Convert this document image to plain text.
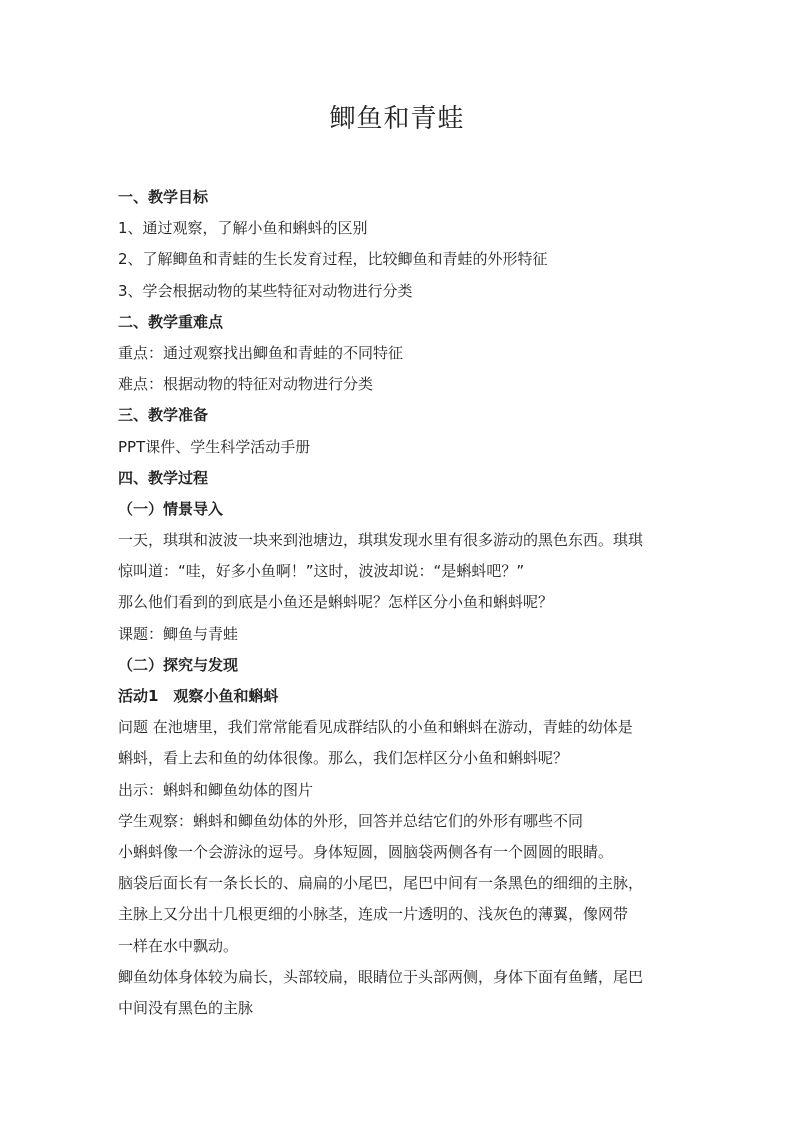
鲫鱼和青蛙
一、教学目标
1、通过观察，了解小鱼和蝌蚪的区别
2、了解鲫鱼和青蛙的生长发育过程，比较鲫鱼和青蛙的外形特征
3、学会根据动物的某些特征对动物进行分类
二、教学重难点
重点：通过观察找出鲫鱼和青蛙的不同特征
难点：根据动物的特征对动物进行分类
三、教学准备
PPT课件、学生科学活动手册
四、教学过程
（一）情景导入
一天，琪琪和波波一块来到池塘边，琪琪发现水里有很多游动的黑色东西。琪琪
惊叫道：“哇，好多小鱼啊！”这时，波波却说：“是蝌蚪吧？”
那么他们看到的到底是小鱼还是蝌蚪呢？怎样区分小鱼和蝌蚪呢？
课题：鲫鱼与青蛙
（二）探究与发现
活动1　观察小鱼和蝌蚪
问题 在池塘里，我们常常能看见成群结队的小鱼和蝌蚪在游动，青蛙的幼体是
蝌蚪，看上去和鱼的幼体很像。那么，我们怎样区分小鱼和蝌蚪呢？
出示：蝌蚪和鲫鱼幼体的图片
学生观察：蝌蚪和鲫鱼幼体的外形，回答并总结它们的外形有哪些不同
小蝌蚪像一个会游泳的逗号。身体短圆，圆脑袋两侧各有一个圆圆的眼睛。
脑袋后面长有一条长长的、扁扁的小尾巴，尾巴中间有一条黑色的细细的主脉，
主脉上又分出十几根更细的小脉茎，连成一片透明的、浅灰色的薄翼，像网带
一样在水中飘动。
鲫鱼幼体身体较为扁长，头部较扁，眼睛位于头部两侧，身体下面有鱼鳍，尾巴
中间没有黑色的主脉
